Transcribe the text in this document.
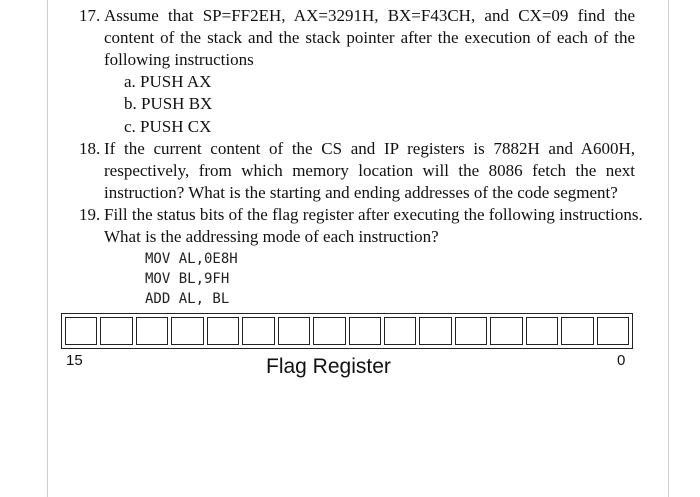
17. Assume that SP=FF2EH, AX=3291H, BX=F43CH, and CX=09 find the
content of the stack and the stack pointer after the execution of each of the
following instructions
a. PUSH AX
b. PUSH BX
c. PUSH CX
18. If the current content of the CS and IP registers is 7882H and A600H,
respectively, from which memory location will the 8086 fetch the next
instruction? What is the starting and ending addresses of the code segment?
19. Fill the status bits of the flag register after executing the following instructions.
What is the addressing mode of each instruction?
MOV AL,0E8H
MOV BL,9FH
ADD AL, BL
15	Flag Register	0
